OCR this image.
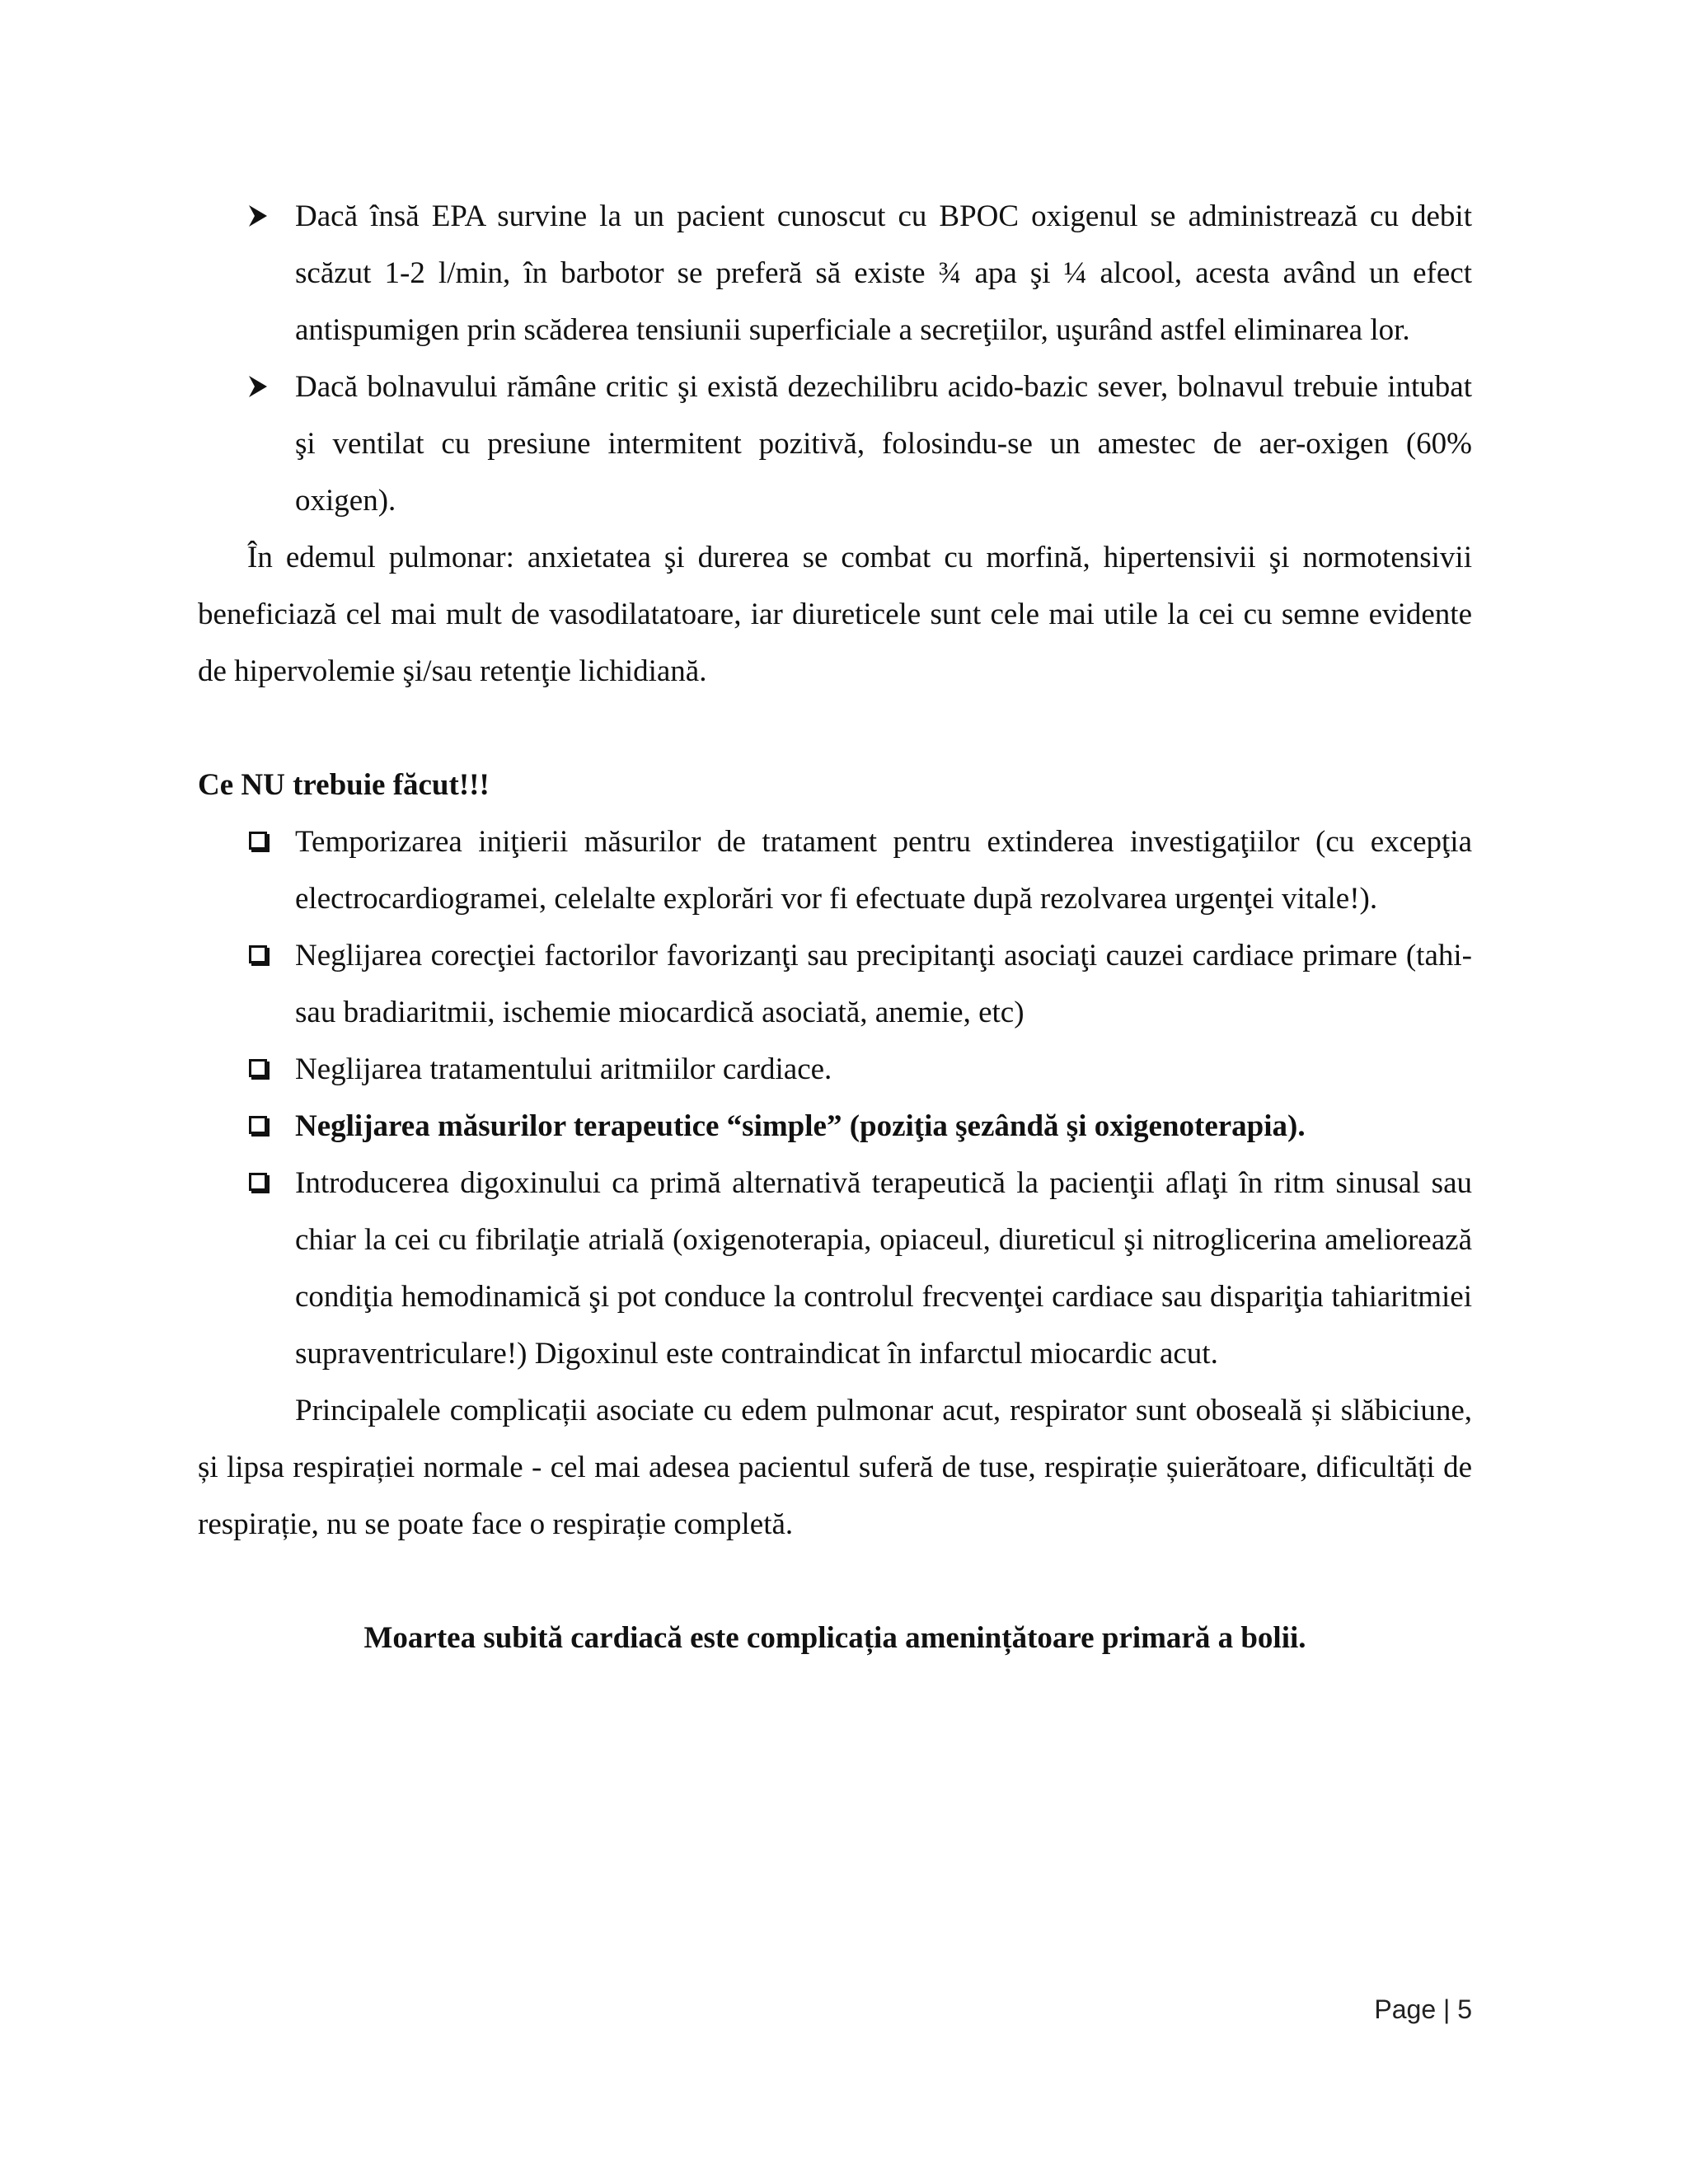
Dacă însă EPA survine la un pacient cunoscut cu BPOC oxigenul se administrează cu debit scăzut 1-2 l/min, în barbotor se preferă să existe ¾ apa şi ¼ alcool, acesta având un efect antispumigen prin scăderea tensiunii superficiale a secreţiilor, uşurând astfel eliminarea lor.
Dacă bolnavului rămâne critic şi există dezechilibru acido-bazic sever, bolnavul trebuie intubat şi ventilat cu presiune intermitent pozitivă, folosindu-se un amestec de aer-oxigen (60% oxigen).

În edemul pulmonar: anxietatea şi durerea se combat cu morfină, hipertensivii şi normotensivii beneficiază cel mai mult de vasodilatatoare, iar diureticele sunt cele mai utile la cei cu semne evidente de hipervolemie şi/sau retenţie lichidiană.

Ce NU trebuie făcut!!!

Temporizarea iniţierii măsurilor de tratament pentru extinderea investigaţiilor (cu excepţia electrocardiogramei, celelalte explorări vor fi efectuate după rezolvarea urgenţei vitale!).
Neglijarea corecţiei factorilor favorizanţi sau precipitanţi asociaţi cauzei cardiace primare (tahi- sau bradiaritmii, ischemie miocardică asociată, anemie, etc)
Neglijarea tratamentului aritmiilor cardiace.
Neglijarea măsurilor terapeutice “simple” (poziţia şezândă şi oxigenoterapia).
Introducerea digoxinului ca primă alternativă terapeutică la pacienţii aflaţi în ritm sinusal sau chiar la cei cu fibrilaţie atrială (oxigenoterapia, opiaceul, diureticul şi nitroglicerina ameliorează condiţia hemodinamică şi pot conduce la controlul frecvenţei cardiace sau dispariţia tahiaritmiei supraventriculare!) Digoxinul este contraindicat în infarctul miocardic acut.

Principalele complicații asociate cu edem pulmonar acut, respirator sunt oboseală și slăbiciune, și lipsa respirației normale - cel mai adesea pacientul suferă de tuse, respirație șuierătoare, dificultăți de respirație, nu se poate face o respirație completă.

Moartea subită cardiacă este complicația amenințătoare primară a bolii.

Page | 5
